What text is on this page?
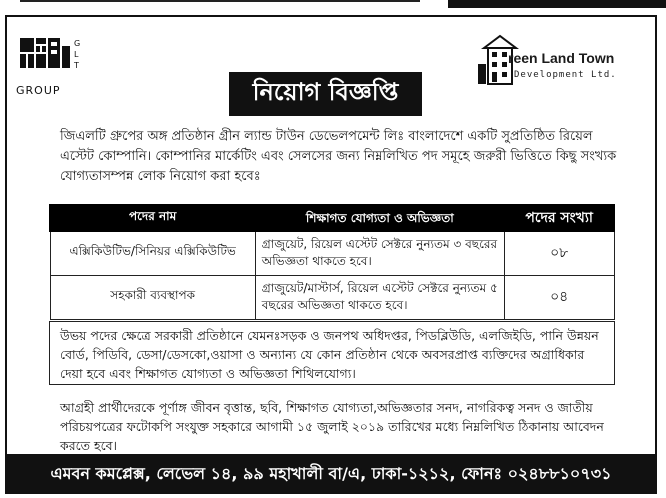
G
L
T
GROUP
reen Land Town
Development Ltd.
নিয়োগ বিজ্ঞপ্তি
জিএলটি গ্রুপের অঙ্গ প্রতিষ্ঠান গ্রীন ল্যান্ড টাউন ডেভেলপমেন্ট লিঃ বাংলাদেশে একটি সুপ্রতিষ্ঠিত রিয়েল এস্টেট কোম্পানি। কোম্পানির মার্কেটিং এবং সেলসের জন্য নিম্নলিখিত পদ সমূহে জরুরী ভিত্তিতে কিছু সংখ্যক যোগ্যতাসম্পন্ন লোক নিয়োগ করা হবেঃ
পদের নাম	শিক্ষাগত যোগ্যতা ও অভিজ্ঞতা	পদের সংখ্যা
এক্সিকিউটিভ/সিনিয়র এক্সিকিউটিভ	গ্রাজুয়েট, রিয়েল এস্টেট সেক্টরে নুন্যতম ৩ বছরের অভিজ্ঞতা থাকতে হবে।	০৮
সহকারী ব্যবস্থাপক	গ্রাজুয়েট/মাস্টার্স, রিয়েল এস্টেট সেক্টরে নুন্যতম ৫ বছরের অভিজ্ঞতা থাকতে হবে।	০৪
উভয় পদের ক্ষেত্রে সরকারী প্রতিষ্ঠানে যেমনঃসড়ক ও জনপথ অধিদপ্তর, পিডব্লিউডি, এলজিইডি, পানি উন্নয়ন বোর্ড, পিডিবি, ডেসা/ডেসকো,ওয়াসা ও অন্যান্য যে কোন প্রতিষ্ঠান থেকে অবসরপ্রাপ্ত ব্যক্তিদের অগ্রাধিকার দেয়া হবে এবং শিক্ষাগত যোগ্যতা ও অভিজ্ঞতা শিথিলযোগ্য।
আগ্রহী প্রার্থীদেরকে পূর্ণাঙ্গ জীবন বৃত্তান্ত, ছবি, শিক্ষাগত যোগ্যতা,অভিজ্ঞতার সনদ, নাগরিকত্ব সনদ ও জাতীয় পরিচয়পত্রের ফটোকপি সংযুক্ত সহকারে আগামী ১৫ জুলাই ২০১৯ তারিখের মধ্যে নিম্নলিখিত ঠিকানায় আবেদন করতে হবে।
এমবন কমপ্লেক্স, লেভেল ১৪, ৯৯ মহাখালী বা/এ, ঢাকা-১২১২, ফোনঃ ০২৪৮৮১০৭৩১
